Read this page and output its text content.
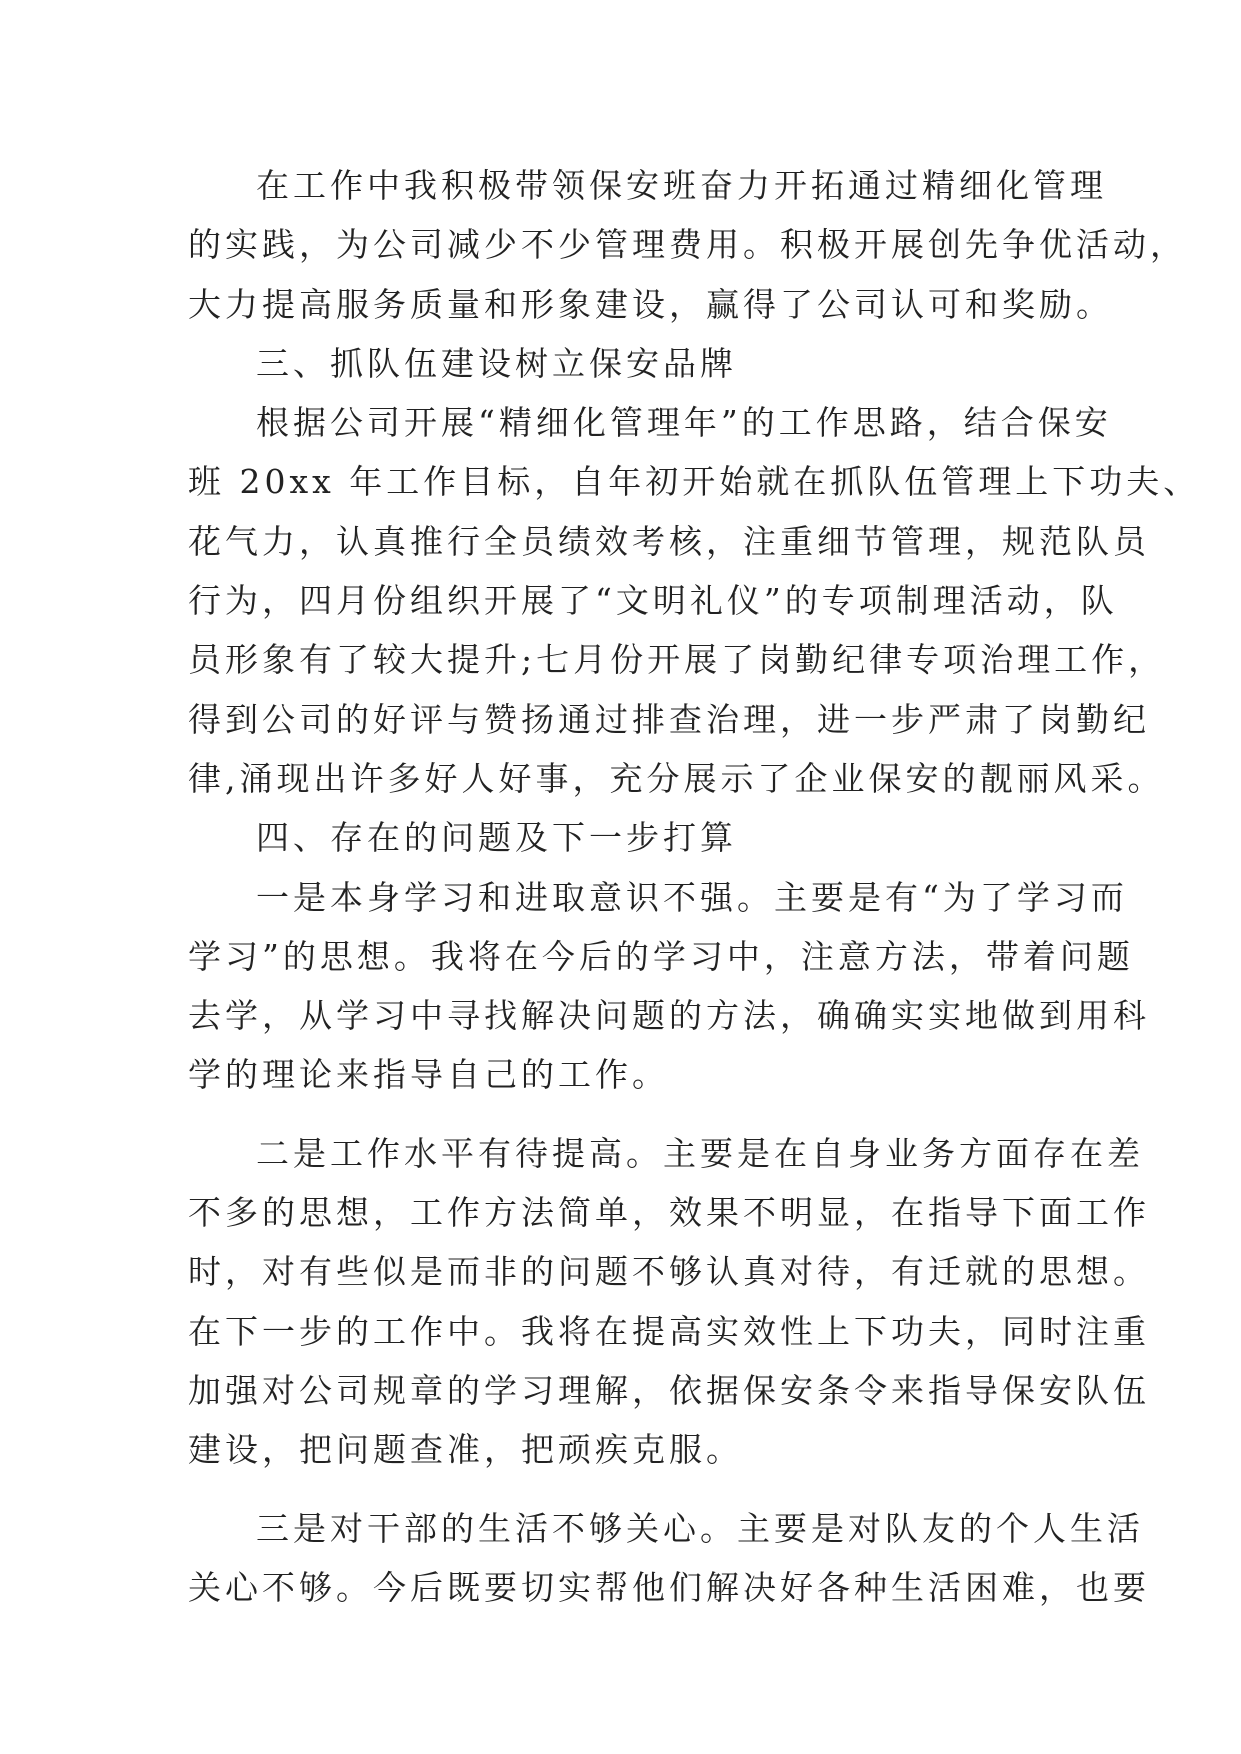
在工作中我积极带领保安班奋力开拓通过精细化管理
的实践，为公司减少不少管理费用。积极开展创先争优活动，
大力提高服务质量和形象建设，赢得了公司认可和奖励。
三、抓队伍建设树立保安品牌
根据公司开展“精细化管理年”的工作思路，结合保安
班 20xx 年工作目标，自年初开始就在抓队伍管理上下功夫、
花气力，认真推行全员绩效考核，注重细节管理，规范队员
行为，四月份组织开展了“文明礼仪”的专项制理活动，队
员形象有了较大提升;七月份开展了岗勤纪律专项治理工作，
得到公司的好评与赞扬通过排查治理，进一步严肃了岗勤纪
律,涌现出许多好人好事，充分展示了企业保安的靓丽风采。
四、存在的问题及下一步打算
一是本身学习和进取意识不强。主要是有“为了学习而
学习”的思想。我将在今后的学习中，注意方法，带着问题
去学，从学习中寻找解决问题的方法，确确实实地做到用科
学的理论来指导自己的工作。
二是工作水平有待提高。主要是在自身业务方面存在差
不多的思想，工作方法简单，效果不明显，在指导下面工作
时，对有些似是而非的问题不够认真对待，有迁就的思想。
在下一步的工作中。我将在提高实效性上下功夫，同时注重
加强对公司规章的学习理解，依据保安条令来指导保安队伍
建设，把问题查准，把顽疾克服。
三是对干部的生活不够关心。主要是对队友的个人生活
关心不够。今后既要切实帮他们解决好各种生活困难，也要
